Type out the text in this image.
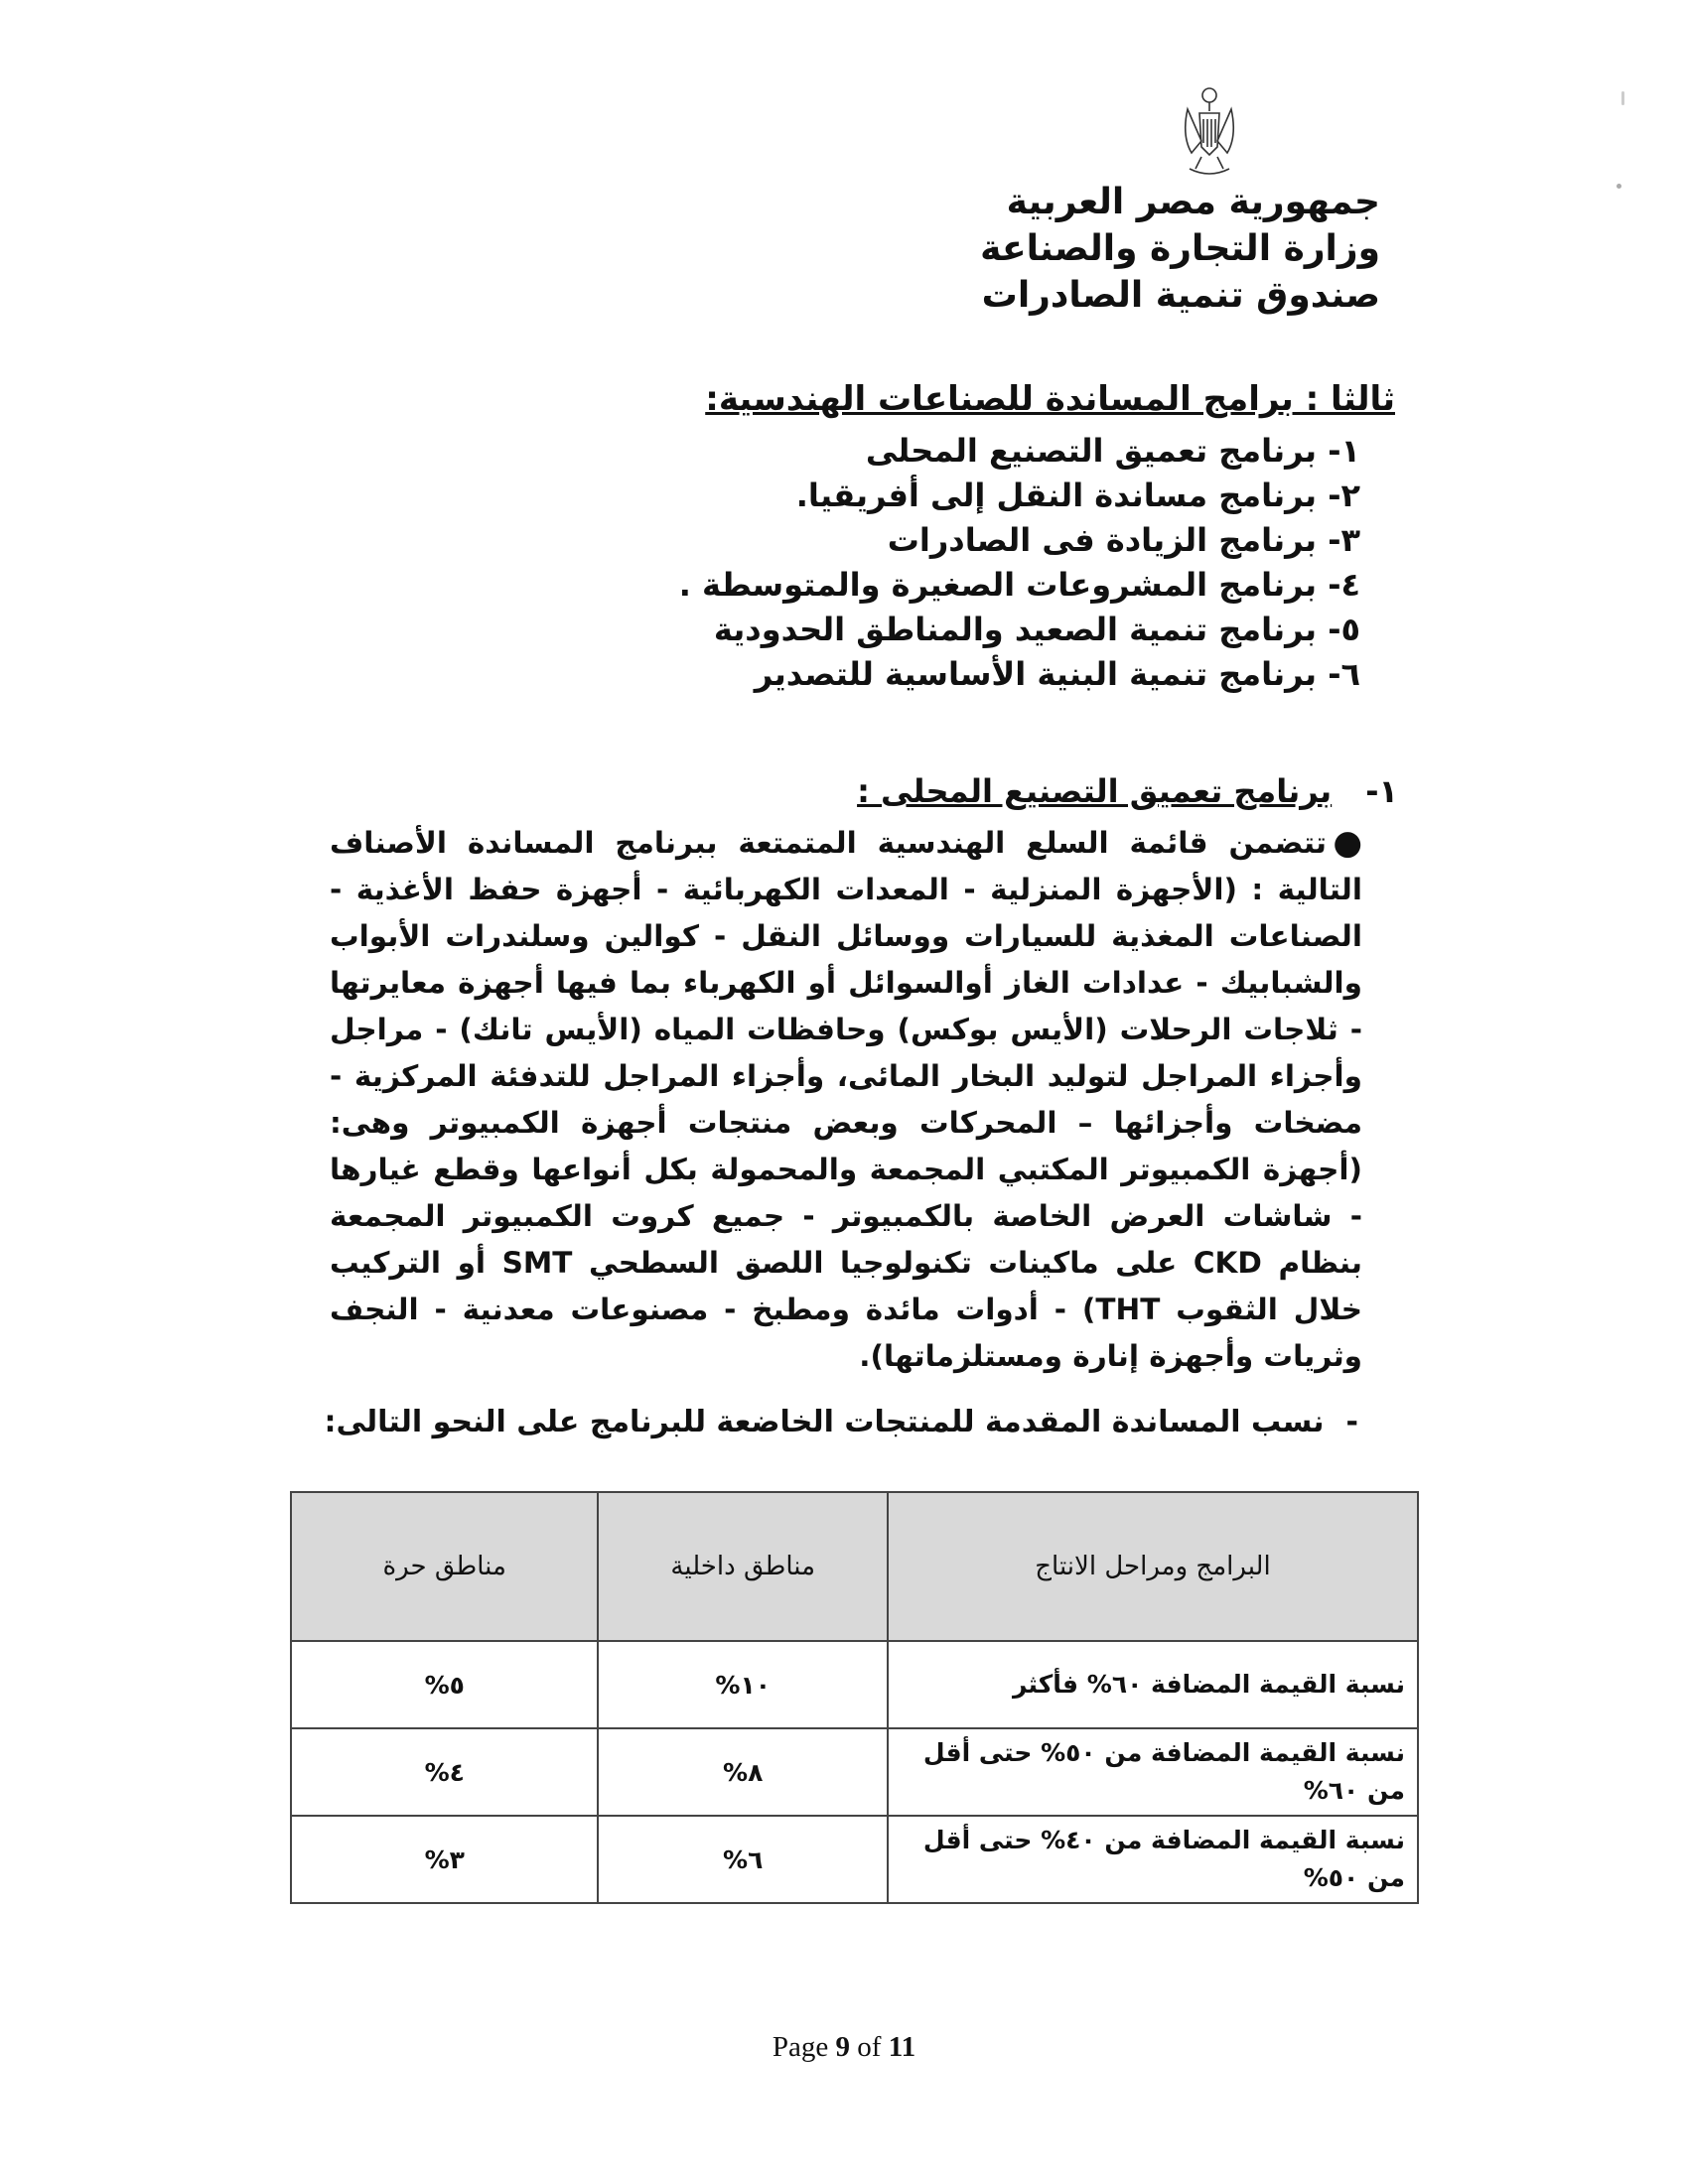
جمهورية مصر العربية
وزارة التجارة والصناعة
صندوق تنمية الصادرات
ثالثا : برامج المساندة للصناعات الهندسية:
١- برنامج تعميق التصنيع المحلى
٢- برنامج مساندة النقل إلى أفريقيا.
٣- برنامج الزيادة فى الصادرات
٤- برنامج المشروعات الصغيرة والمتوسطة .
٥- برنامج تنمية الصعيد والمناطق الحدودية
٦- برنامج تنمية البنية الأساسية للتصدير
١-برنامج تعميق التصنيع المحلى :
●
تتضمن قائمة السلع الهندسية المتمتعة ببرنامج المساندة الأصناف التالية : (الأجهزة المنزلية - المعدات الكهربائية - أجهزة حفظ الأغذية - الصناعات المغذية للسيارات ووسائل النقل - كوالين وسلندرات الأبواب والشبابيك - عدادات الغاز أوالسوائل أو الكهرباء بما فيها أجهزة معايرتها - ثلاجات الرحلات (الأيس بوكس) وحافظات المياه (الأيس تانك) - مراجل وأجزاء المراجل لتوليد البخار المائى، وأجزاء المراجل للتدفئة المركزية - مضخات وأجزائها – المحركات وبعض منتجات أجهزة الكمبيوتر وهى: (أجهزة الكمبيوتر المكتبي المجمعة والمحمولة بكل أنواعها وقطع غيارها - شاشات العرض الخاصة بالكمبيوتر - جميع كروت الكمبيوتر المجمعة بنظام CKD على ماكينات تكنولوجيا اللصق السطحي SMT أو التركيب خلال الثقوب THT) - أدوات مائدة ومطبخ - مصنوعات معدنية - النجف وثريات وأجهزة إنارة ومستلزماتها).
-نسب المساندة المقدمة للمنتجات الخاضعة للبرنامج على النحو التالى:
البرامج ومراحل الانتاج	مناطق داخلية	مناطق حرة
نسبة القيمة المضافة ٦٠% فأكثر	١٠%	٥%
نسبة القيمة المضافة من ٥٠% حتى أقل من ٦٠%	٨%	٤%
نسبة القيمة المضافة من ٤٠% حتى أقل من ٥٠%	٦%	٣%
Page 9 of 11
